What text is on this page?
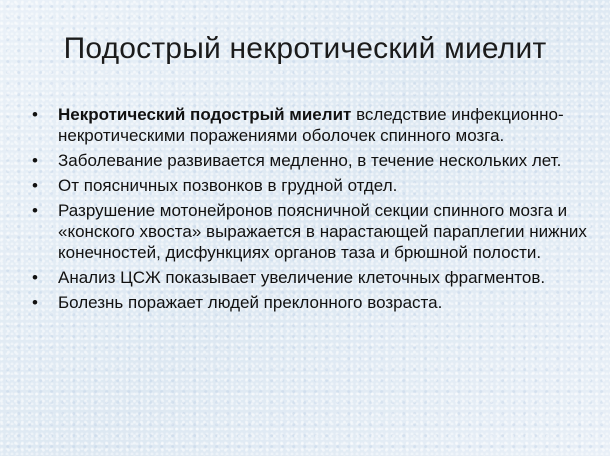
Подострый некротический миелит
•	Некротический подострый миелит вследствие инфекционно-некротическими поражениями оболочек спинного мозга.
•	Заболевание развивается медленно, в течение нескольких лет.
•	От поясничных позвонков в грудной отдел.
•	Разрушение мотонейронов поясничной секции спинного мозга и «конского хвоста» выражается в нарастающей параплегии нижних конечностей, дисфункциях органов таза и брюшной полости.
•	Анализ ЦСЖ показывает увеличение клеточных фрагментов.
•	Болезнь поражает людей преклонного возраста.
